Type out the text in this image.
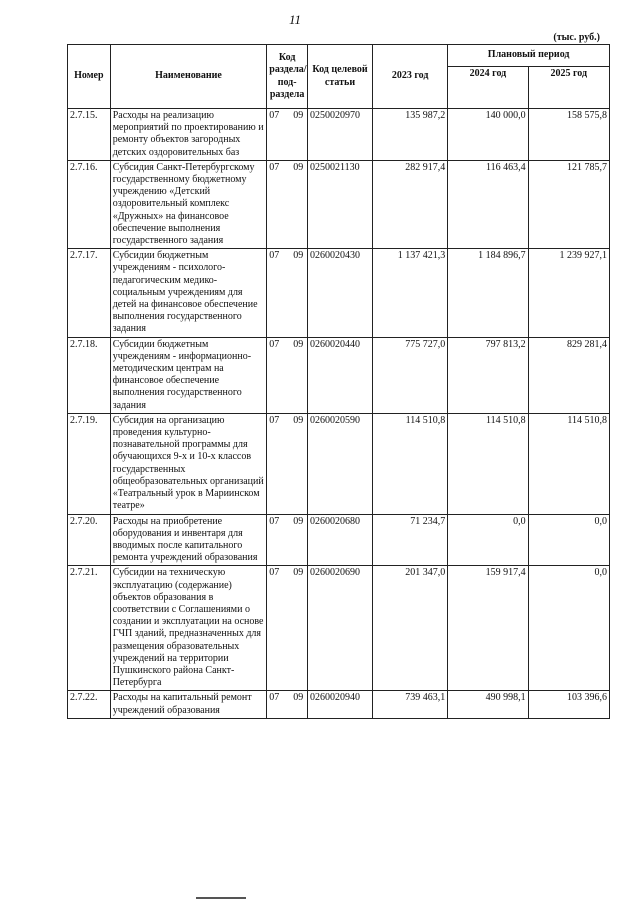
11
(тыс. руб.)
Номер	Наименование	Код раздела/ под- раздела	Код целевой статьи	2023 год	Плановый период	
					2024 год	2025 год
2.7.15.	Расходы на реализацию мероприятий по проектированию и ремонту объектов загородных детских оздоровительных баз	07 09	0250020970	135 987,2	140 000,0	158 575,8
2.7.16.	Субсидия Санкт-Петербургскому государственному бюджетному учреждению «Детский оздоровительный комплекс «Дружных» на финансовое обеспечение выполнения государственного задания	07 09	0250021130	282 917,4	116 463,4	121 785,7
2.7.17.	Субсидии бюджетным учреждениям - психолого-педагогическим медико-социальным учреждениям для детей на финансовое обеспечение выполнения государственного задания	07 09	0260020430	1 137 421,3	1 184 896,7	1 239 927,1
2.7.18.	Субсидии бюджетным учреждениям - информационно-методическим центрам на финансовое обеспечение выполнения государственного задания	07 09	0260020440	775 727,0	797 813,2	829 281,4
2.7.19.	Субсидия на организацию проведения культурно-познавательной программы для обучающихся 9-х и 10-х классов государственных общеобразовательных организаций «Театральный урок в Мариинском театре»	07 09	0260020590	114 510,8	114 510,8	114 510,8
2.7.20.	Расходы на приобретение оборудования и инвентаря для вводимых после капитального ремонта учреждений образования	07 09	0260020680	71 234,7	0,0	0,0
2.7.21.	Субсидии на техническую эксплуатацию (содержание) объектов образования в соответствии с Соглашениями о создании и эксплуатации на основе ГЧП зданий, предназначенных для размещения образовательных учреждений на территории Пушкинского района Санкт-Петербурга	07 09	0260020690	201 347,0	159 917,4	0,0
2.7.22.	Расходы на капитальный ремонт учреждений образования	07 09	0260020940	739 463,1	490 998,1	103 396,6
